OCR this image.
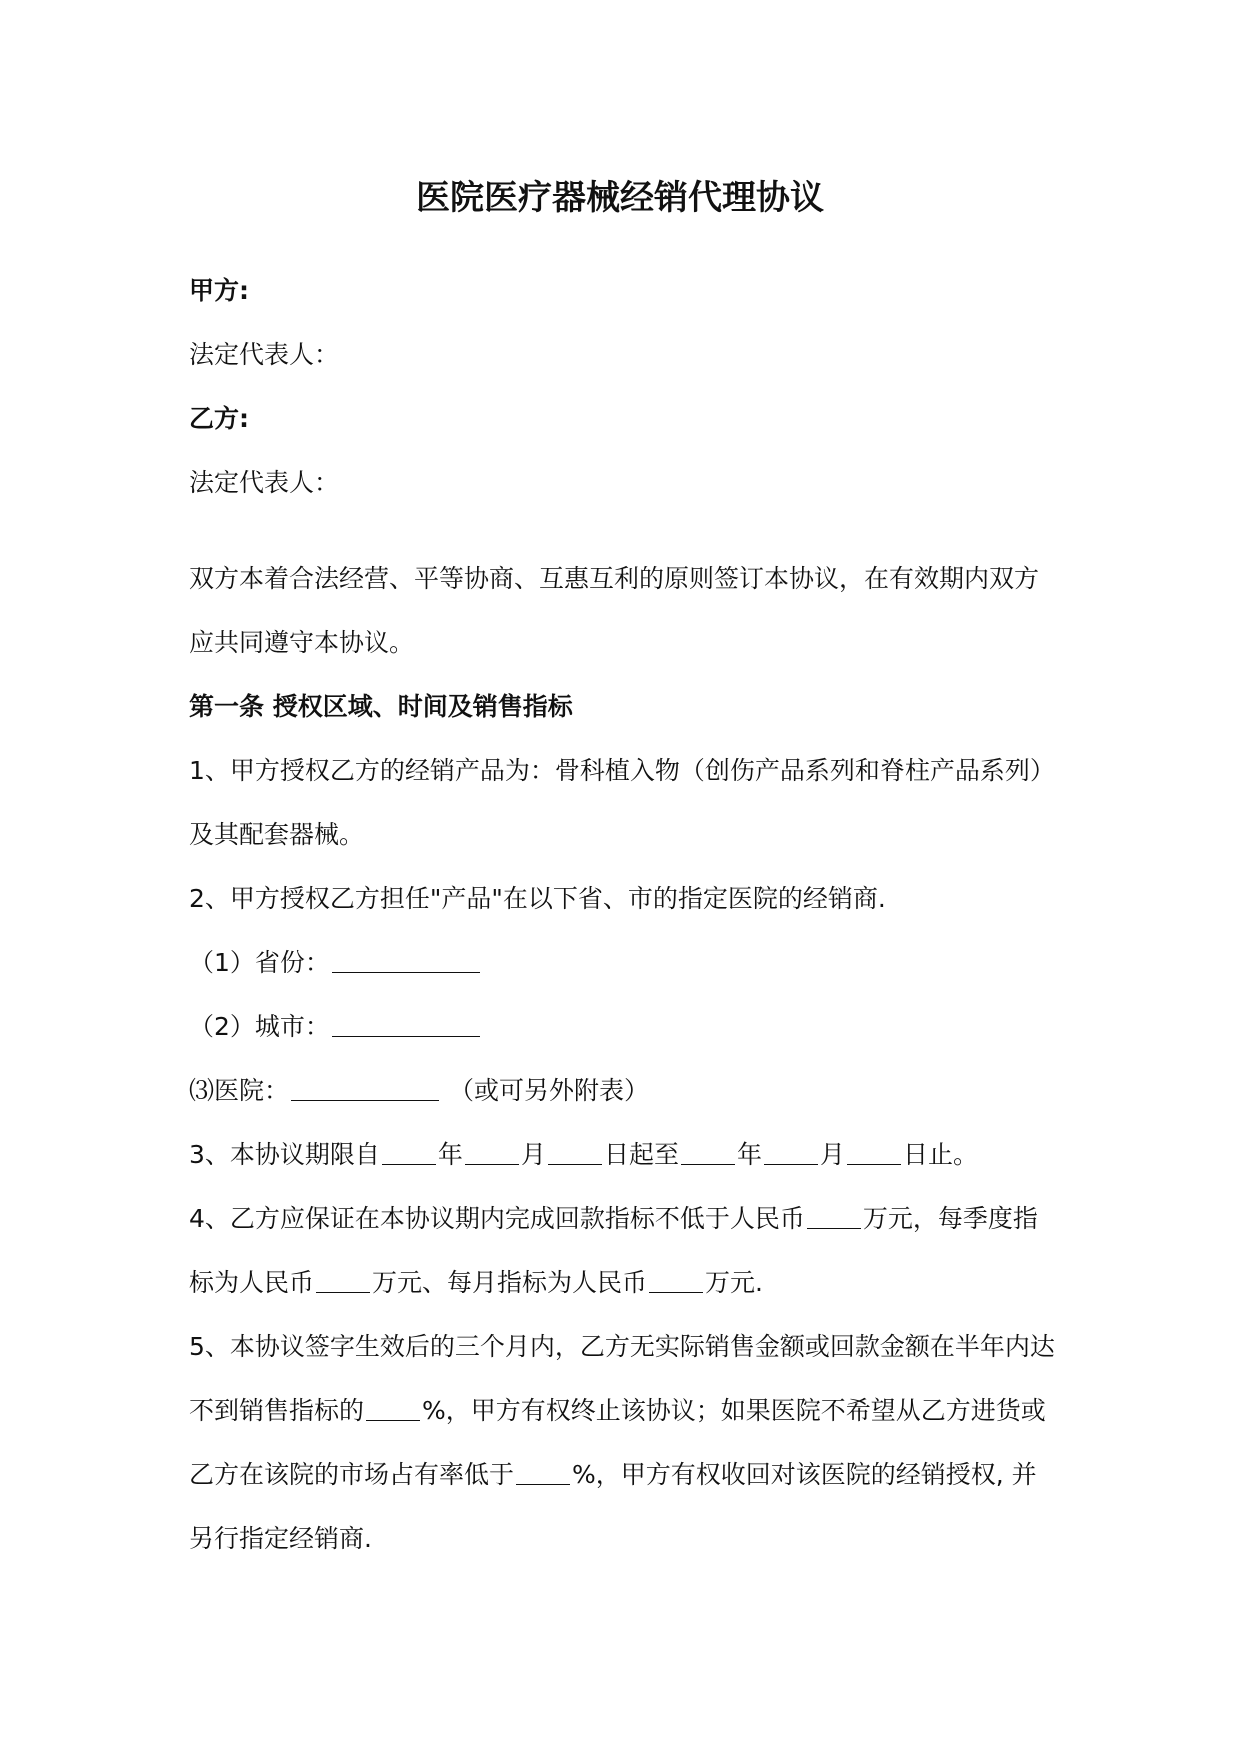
医院医疗器械经销代理协议
甲方:
法定代表人：
乙方:
法定代表人：
双方本着合法经营、平等协商、互惠互利的原则签订本协议，在有效期内双方
应共同遵守本协议。
第一条 授权区域、时间及销售指标
1、甲方授权乙方的经销产品为：骨科植入物（创伤产品系列和脊柱产品系列）
及其配套器械。
2、甲方授权乙方担任"产品"在以下省、市的指定医院的经销商.
（1）省份：
（2）城市：
⑶医院：	（或可另外附表）
3、本协议期限自 年 月 日起至 年 月 日止。
4、乙方应保证在本协议期内完成回款指标不低于人民币 万元，每季度指
标为人民币 万元、每月指标为人民币 万元.
5、本协议签字生效后的三个月内，乙方无实际销售金额或回款金额在半年内达
不到销售指标的 %，甲方有权终止该协议；如果医院不希望从乙方进货或
乙方在该院的市场占有率低于 %，甲方有权收回对该医院的经销授权, 并
另行指定经销商.
